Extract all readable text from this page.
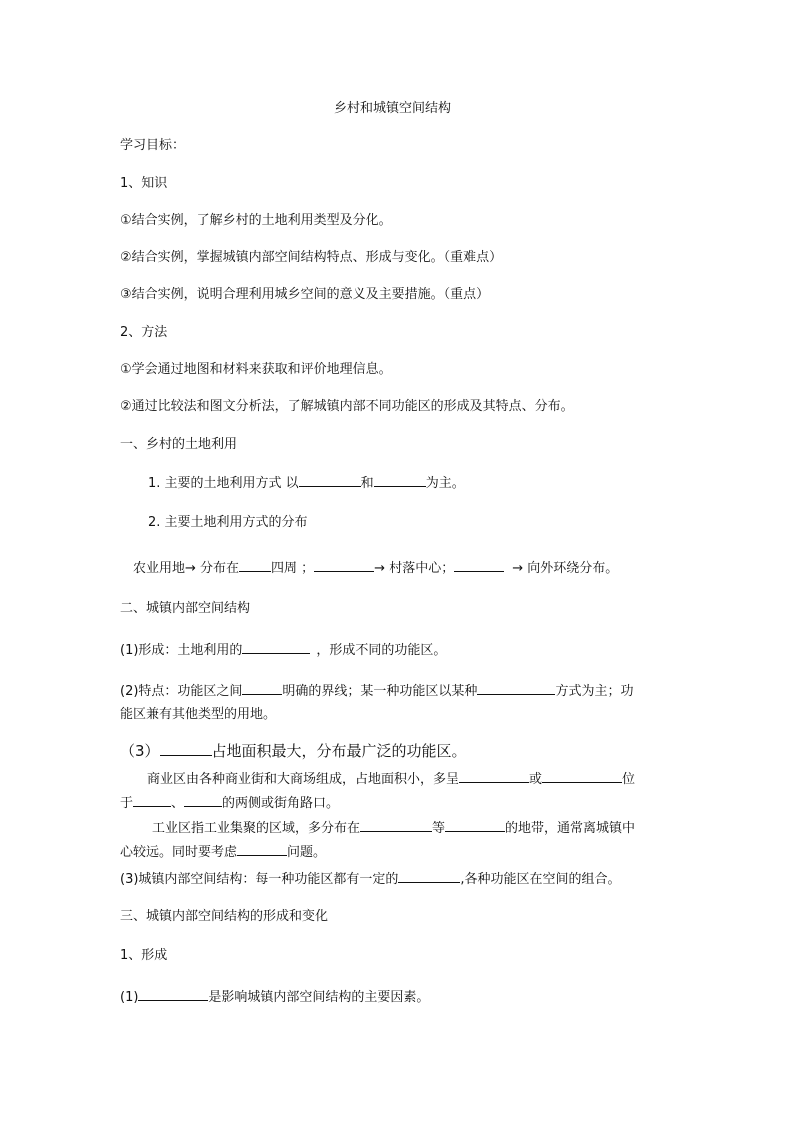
乡村和城镇空间结构
学习目标：
1、知识
①结合实例，了解乡村的土地利用类型及分化。
②结合实例，掌握城镇内部空间结构特点、形成与变化。（重难点）
③结合实例，说明合理利用城乡空间的意义及主要措施。（重点）
2、方法
①学会通过地图和材料来获取和评价地理信息。
②通过比较法和图文分析法，了解城镇内部不同功能区的形成及其特点、分布。
一、乡村的土地利用
1. 主要的土地利用方式 以	和	为主。
2. 主要土地利用方式的分布
农业用地→ 分布在 四周 ；	→ 村落中心；	→ 向外环绕分布。
二、城镇内部空间结构
(1)形成：土地利用的	，形成不同的功能区。
(2)特点：功能区之间	明确的界线；某一种功能区以某种	方式为主；功
能区兼有其他类型的用地。
（3）	占地面积最大，分布最广泛的功能区。
商业区由各种商业街和大商场组成，占地面积小，多呈	或	位
于	、	的两侧或街角路口。
工业区指工业集聚的区域，多分布在	等	的地带，通常离城镇中
心较远。同时要考虑	问题。
(3)城镇内部空间结构：每一种功能区都有一定的	,各种功能区在空间的组合。
三、城镇内部空间结构的形成和变化
1、形成
(1)	是影响城镇内部空间结构的主要因素。
